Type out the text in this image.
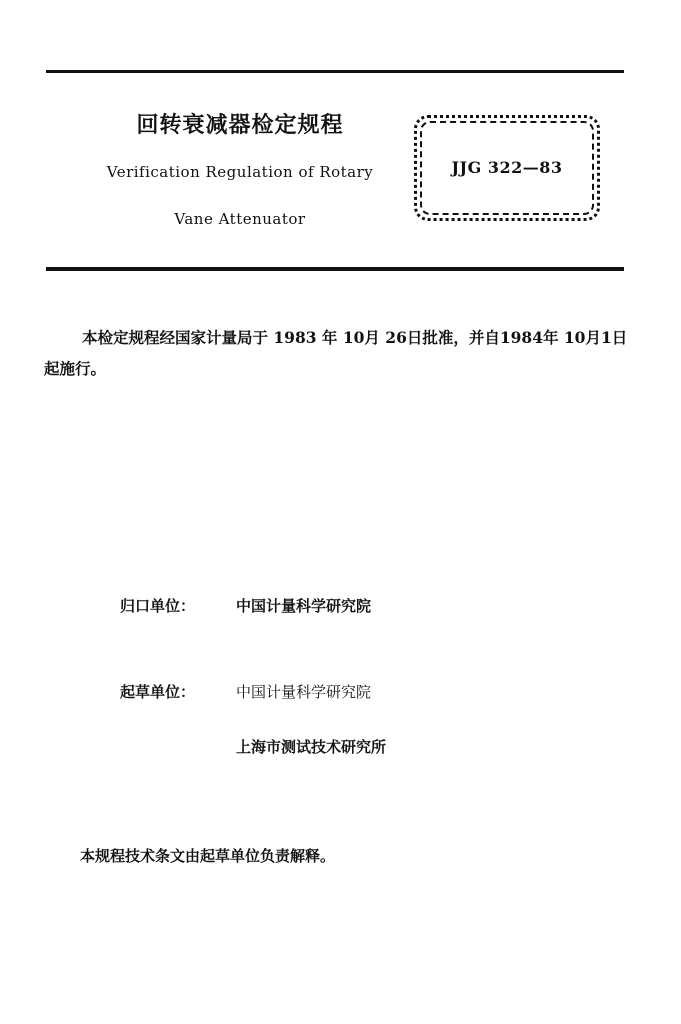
回转衰减器检定规程
Verification Regulation of Rotary
Vane Attenuator
JJG 322—83
本检定规程经国家计量局于 1983 年 10月 26日批准，并自1984年 10月1日起施行。
归口单位：	中国计量科学研究院
起草单位：	中国计量科学研究院
上海市测试技术研究所
本规程技术条文由起草单位负责解释。
